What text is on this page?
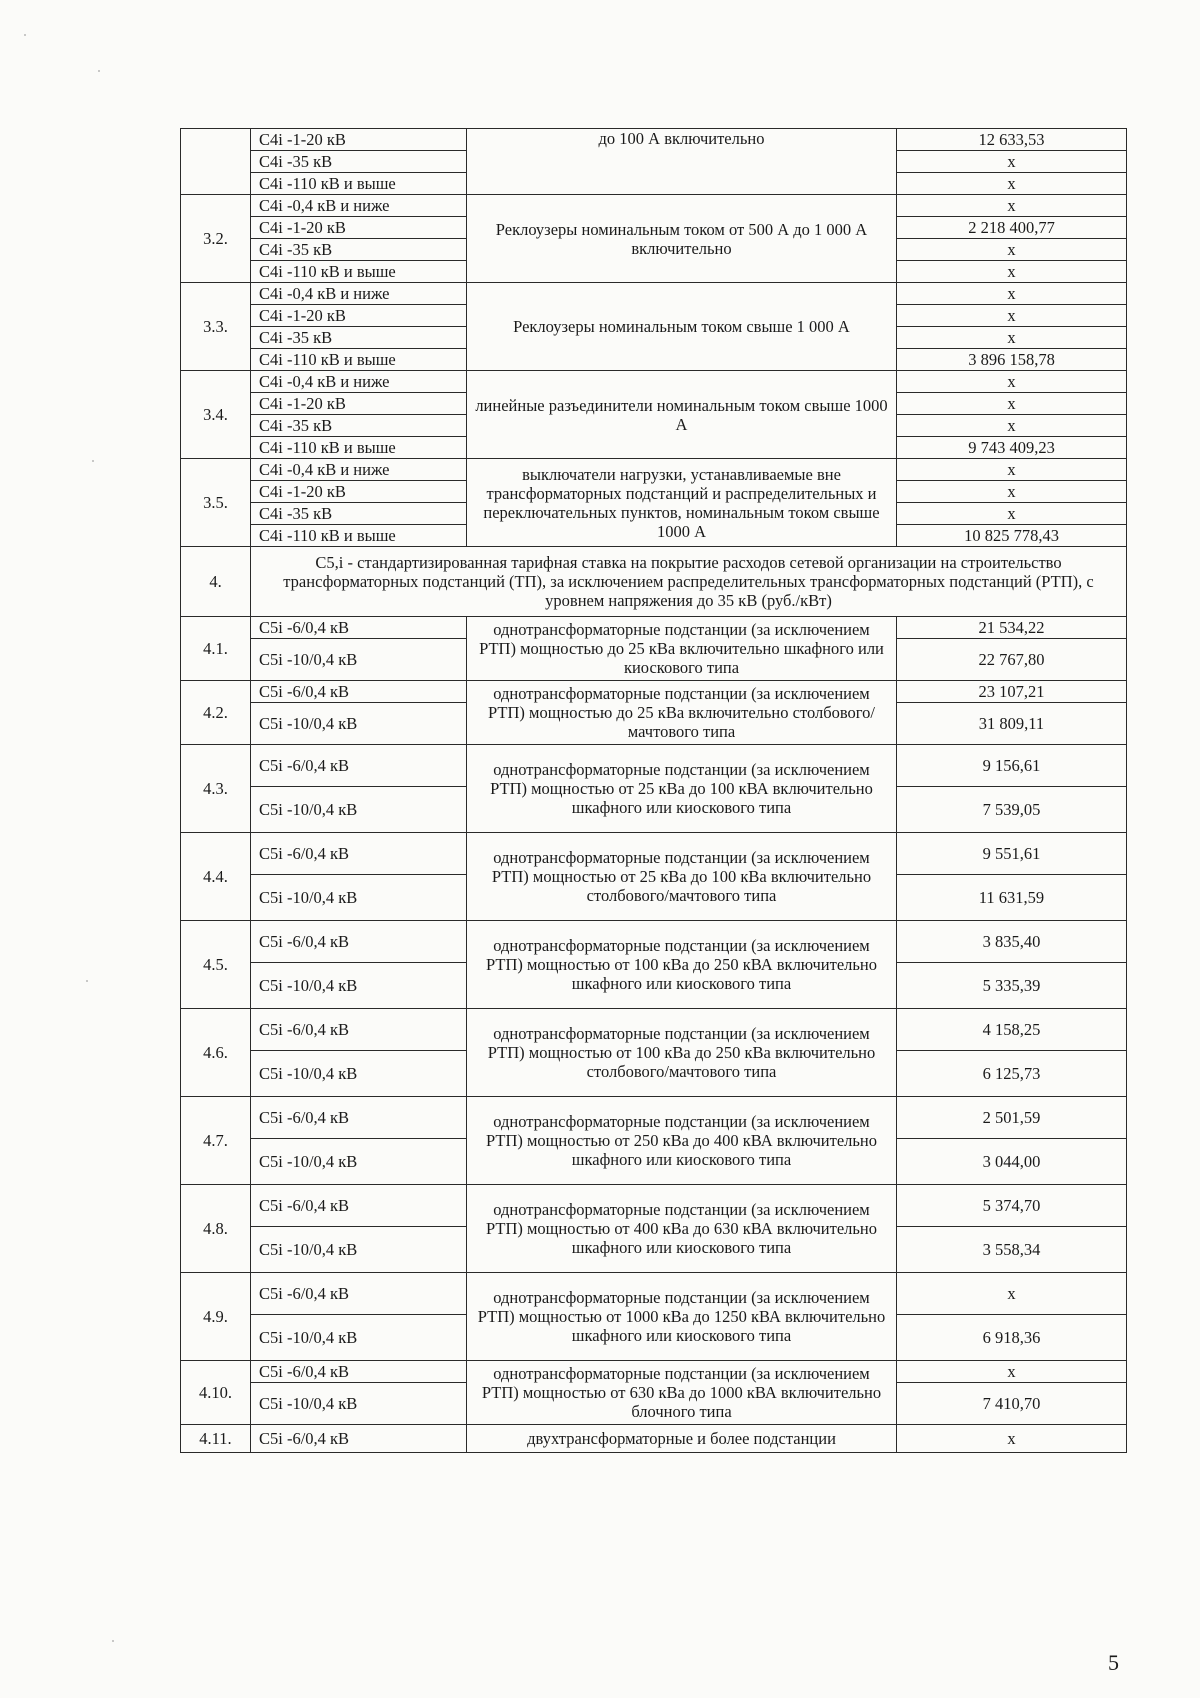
	C4i -1-20 кВ	до 100 А включительно	12 633,53
	C4i -35 кВ		x
	C4i -110 кВ и выше		x
3.2.	C4i -0,4 кВ и ниже	Реклоузеры номинальным током от 500 А до 1 000 А включительно	x
	C4i -1-20 кВ		2 218 400,77
	C4i -35 кВ		x
	C4i -110 кВ и выше		x
3.3.	C4i -0,4 кВ и ниже	Реклоузеры номинальным током свыше 1 000 А	x
	C4i -1-20 кВ		x
	C4i -35 кВ		x
	C4i -110 кВ и выше		3 896 158,78
3.4.	C4i -0,4 кВ и ниже	линейные разъединители номинальным током свыше 1000 А	x
	C4i -1-20 кВ		x
	C4i -35 кВ		x
	C4i -110 кВ и выше		9 743 409,23
3.5.	C4i -0,4 кВ и ниже	выключатели нагрузки, устанавливаемые вне трансформаторных подстанций и распределительных и переключательных пунктов, номинальным током свыше 1000 А	x
	C4i -1-20 кВ		x
	C4i -35 кВ		x
	C4i -110 кВ и выше		10 825 778,43
4.	C5,i - стандартизированная тарифная ставка на покрытие расходов сетевой организации на строительство трансформаторных подстанций (ТП), за исключением распределительных трансформаторных подстанций (РТП), с уровнем напряжения до 35 кВ (руб./кВт)		
4.1.	C5i -6/0,4 кВ	однотрансформаторные подстанции (за исключением РТП) мощностью до 25 кВа включительно шкафного или киоскового типа	21 534,22
	C5i -10/0,4 кВ		22 767,80
4.2.	C5i -6/0,4 кВ	однотрансформаторные подстанции (за исключением РТП) мощностью до 25 кВа включительно столбового/мачтового типа	23 107,21
	C5i -10/0,4 кВ		31 809,11
4.3.	C5i -6/0,4 кВ	однотрансформаторные подстанции (за исключением РТП) мощностью от 25 кВа до 100 кВА включительно шкафного или киоскового типа	9 156,61
	C5i -10/0,4 кВ		7 539,05
4.4.	C5i -6/0,4 кВ	однотрансформаторные подстанции (за исключением РТП) мощностью от 25 кВа до 100 кВа включительно столбового/мачтового типа	9 551,61
	C5i -10/0,4 кВ		11 631,59
4.5.	C5i -6/0,4 кВ	однотрансформаторные подстанции (за исключением РТП) мощностью от 100 кВа до 250 кВА включительно шкафного или киоскового типа	3 835,40
	C5i -10/0,4 кВ		5 335,39
4.6.	C5i -6/0,4 кВ	однотрансформаторные подстанции (за исключением РТП) мощностью от 100 кВа до 250 кВа включительно столбового/мачтового типа	4 158,25
	C5i -10/0,4 кВ		6 125,73
4.7.	C5i -6/0,4 кВ	однотрансформаторные подстанции (за исключением РТП) мощностью от 250 кВа до 400 кВА включительно шкафного или киоскового типа	2 501,59
	C5i -10/0,4 кВ		3 044,00
4.8.	C5i -6/0,4 кВ	однотрансформаторные подстанции (за исключением РТП) мощностью от 400 кВа до 630 кВА включительно шкафного или киоскового типа	5 374,70
	C5i -10/0,4 кВ		3 558,34
4.9.	C5i -6/0,4 кВ	однотрансформаторные подстанции (за исключением РТП) мощностью от 1000 кВа до 1250 кВА включительно шкафного или киоскового типа	x
	C5i -10/0,4 кВ		6 918,36
4.10.	C5i -6/0,4 кВ	однотрансформаторные подстанции (за исключением РТП) мощностью от 630 кВа до 1000 кВА включительно блочного типа	x
	C5i -10/0,4 кВ		7 410,70
4.11.	C5i -6/0,4 кВ	двухтрансформаторные и более подстанции	x
5
